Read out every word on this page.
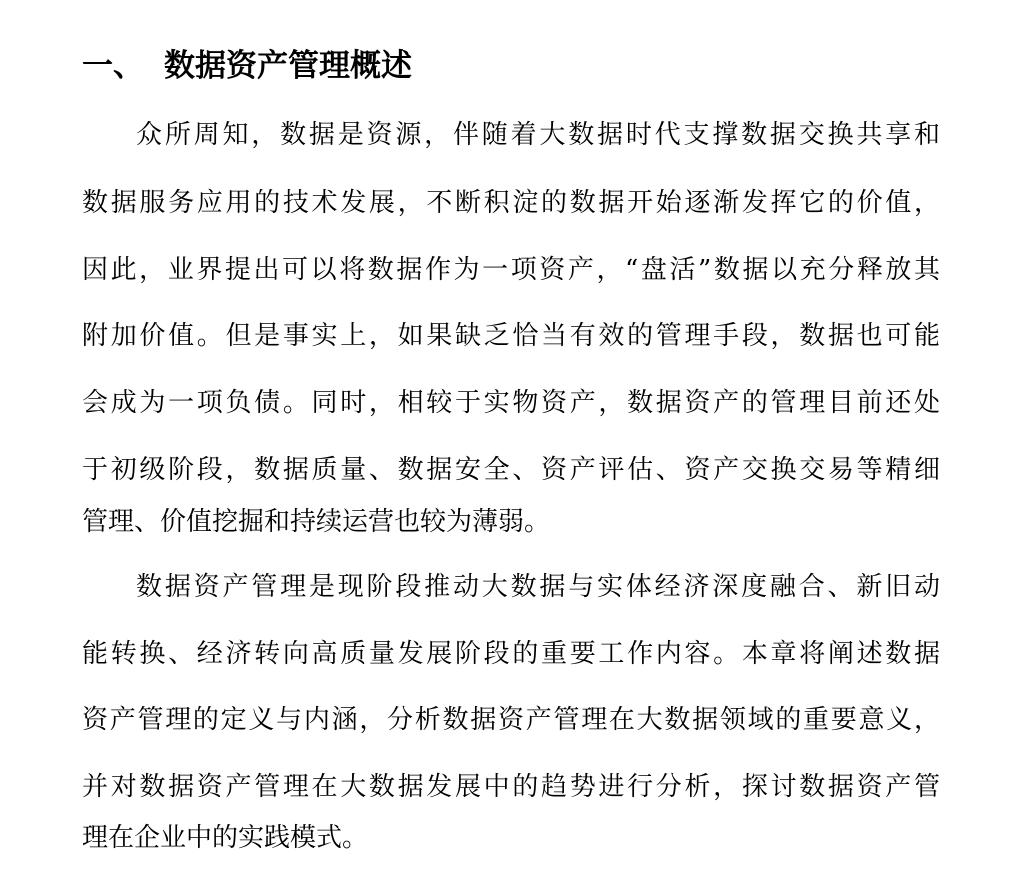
一、 数据资产管理概述
众所周知，数据是资源，伴随着大数据时代支撑数据交换共享和
数据服务应用的技术发展，不断积淀的数据开始逐渐发挥它的价值，
因此，业界提出可以将数据作为一项资产，“盘活”数据以充分释放其
附加价值。但是事实上，如果缺乏恰当有效的管理手段，数据也可能
会成为一项负债。同时，相较于实物资产，数据资产的管理目前还处
于初级阶段，数据质量、数据安全、资产评估、资产交换交易等精细
管理、价值挖掘和持续运营也较为薄弱。
数据资产管理是现阶段推动大数据与实体经济深度融合、新旧动
能转换、经济转向高质量发展阶段的重要工作内容。本章将阐述数据
资产管理的定义与内涵，分析数据资产管理在大数据领域的重要意义，
并对数据资产管理在大数据发展中的趋势进行分析，探讨数据资产管
理在企业中的实践模式。
